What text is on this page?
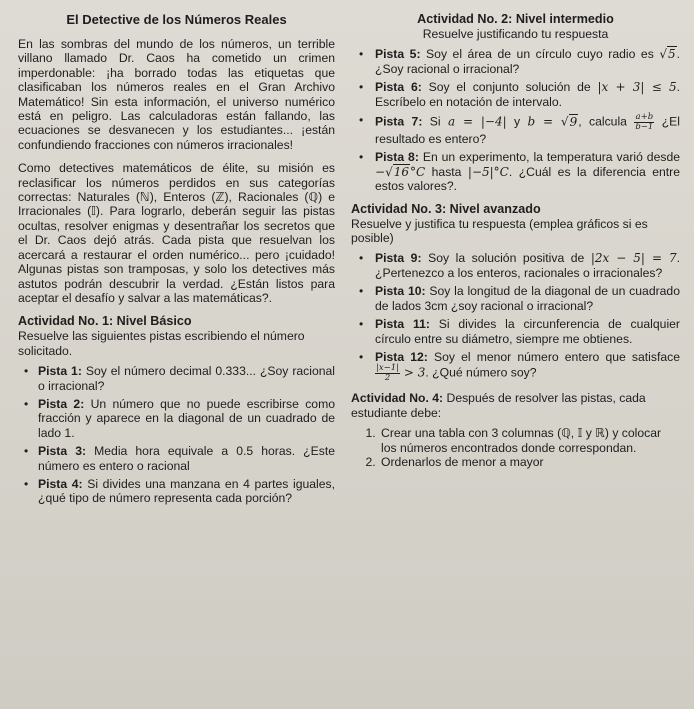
El Detective de los Números Reales

En las sombras del mundo de los números, un terrible villano llamado Dr. Caos ha cometido un crimen imperdonable: ¡ha borrado todas las etiquetas que clasificaban los números reales en el Gran Archivo Matemático! Sin esta información, el universo numérico está en peligro. Las calculadoras están fallando, las ecuaciones se desvanecen y los estudiantes... ¡están confundiendo fracciones con números irracionales!

Como detectives matemáticos de élite, su misión es reclasificar los números perdidos en sus categorías correctas: Naturales (ℕ), Enteros (ℤ), Racionales (ℚ) e Irracionales (𝕀). Para lograrlo, deberán seguir las pistas ocultas, resolver enigmas y desentrañar los secretos que el Dr. Caos dejó atrás. Cada pista que resuelvan los acercará a restaurar el orden numérico... pero ¡cuidado! Algunas pistas son tramposas, y solo los detectives más astutos podrán descubrir la verdad. ¿Están listos para aceptar el desafío y salvar a las matemáticas?.

Actividad No. 1: Nivel Básico
Resuelve las siguientes pistas escribiendo el número solicitado.
• Pista 1: Soy el número decimal 0.333... ¿Soy racional o irracional?
• Pista 2: Un número que no puede escribirse como fracción y aparece en la diagonal de un cuadrado de lado 1.
• Pista 3: Media hora equivale a 0.5 horas. ¿Este número es entero o racional
• Pista 4: Si divides una manzana en 4 partes iguales, ¿qué tipo de número representa cada porción?
Actividad No. 2: Nivel intermedio
Resuelve justificando tu respuesta
• Pista 5: Soy el área de un círculo cuyo radio es √5. ¿Soy racional o irracional?
• Pista 6: Soy el conjunto solución de |x + 3| ≤ 5. Escríbelo en notación de intervalo.
• Pista 7: Si a = |−4| y b = √9, calcula $\frac{a+b}{b-1}$ ¿El resultado es entero?
• Pista 8: En un experimento, la temperatura varió desde −√16°C hasta |−5|°C. ¿Cuál es la diferencia entre estos valores?.
Actividad No. 3: Nivel avanzado
Resuelve y justifica tu respuesta (emplea gráficos si es posible)
• Pista 9: Soy la solución positiva de |2x − 5| = 7. ¿Pertenezco a los enteros, racionales o irracionales?
• Pista 10: Soy la longitud de la diagonal de un cuadrado de lados 3cm ¿soy racional o irracional?
• Pista 11: Si divides la circunferencia de cualquier círculo entre su diámetro, siempre me obtienes.
• Pista 12: Soy el menor número entero que satisface
$\frac{|x-1|}{2} > 3$. ¿Qué número soy?
Actividad No. 4: Después de resolver las pistas, cada estudiante debe:
1. Crear una tabla con 3 columnas (ℚ, 𝕀 y ℝ) y colocar los números encontrados donde correspondan.
2. Ordenarlos de menor a mayor
